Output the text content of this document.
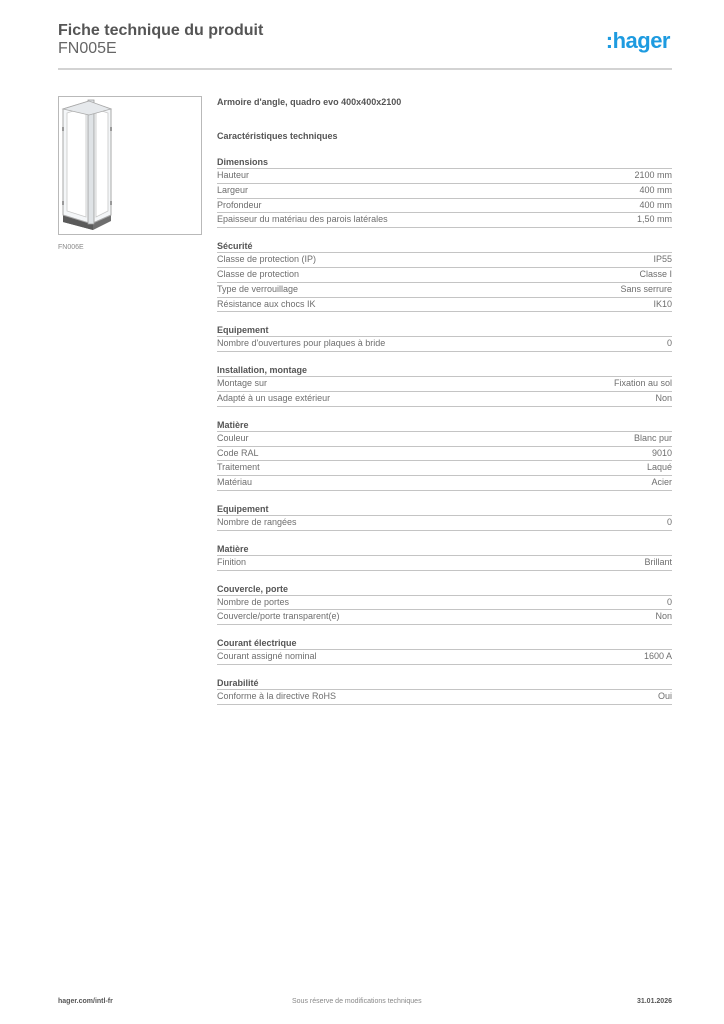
Fiche technique du produit
FN005E	:hager
FN006E
Armoire d'angle, quadro evo 400x400x2100
Caractéristiques techniques
Dimensions
Hauteur	2100 mm
Largeur	400 mm
Profondeur	400 mm
Epaisseur du matériau des parois latérales	1,50 mm
Sécurité
Classe de protection (IP)	IP55
Classe de protection	Classe I
Type de verrouillage	Sans serrure
Résistance aux chocs IK	IK10
Equipement
Nombre d'ouvertures pour plaques à bride	0
Installation, montage
Montage sur	Fixation au sol
Adapté à un usage extérieur	Non
Matière
Couleur	Blanc pur
Code RAL	9010
Traitement	Laqué
Matériau	Acier
Equipement
Nombre de rangées	0
Matière
Finition	Brillant
Couvercle, porte
Nombre de portes	0
Couvercle/porte transparent(e)	Non
Courant électrique
Courant assigné nominal	1600 A
Durabilité
Conforme à la directive RoHS	Oui
hager.com/intl-fr	Sous réserve de modifications techniques	31.01.2026
